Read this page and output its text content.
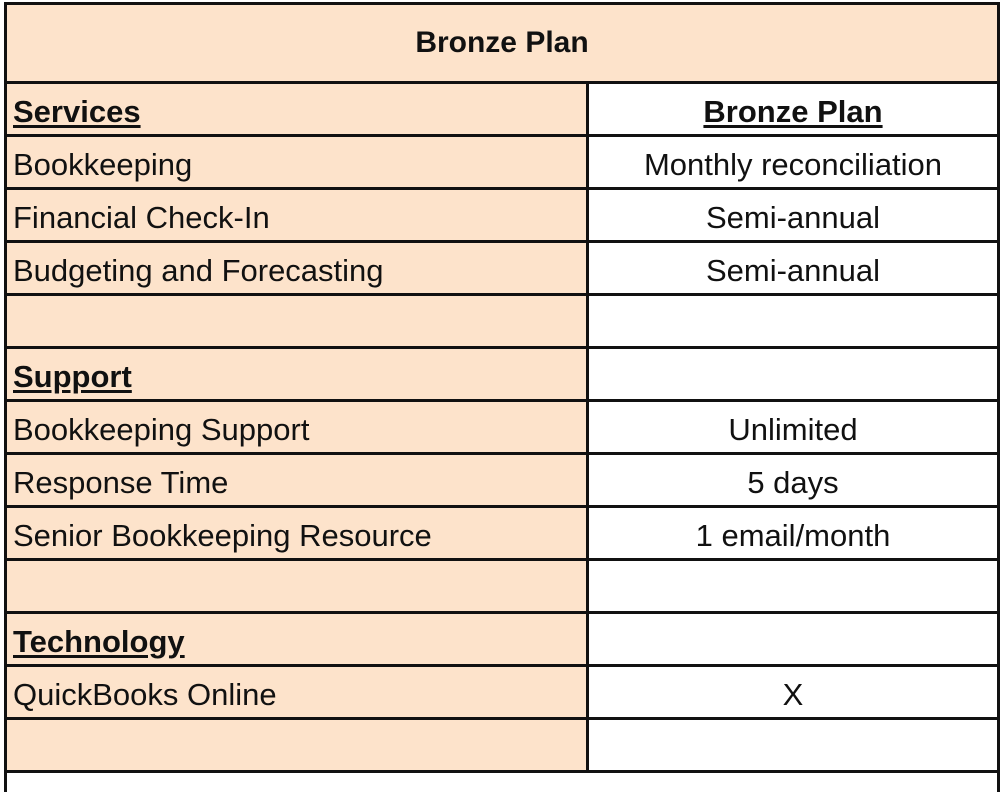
Bronze Plan
Services	Bronze Plan
Bookkeeping	Monthly reconciliation
Financial Check-In	Semi-annual
Budgeting and Forecasting	Semi-annual
Support
Bookkeeping Support	Unlimited
Response Time	5 days
Senior Bookkeeping Resource	1 email/month
Technology
QuickBooks Online	X
